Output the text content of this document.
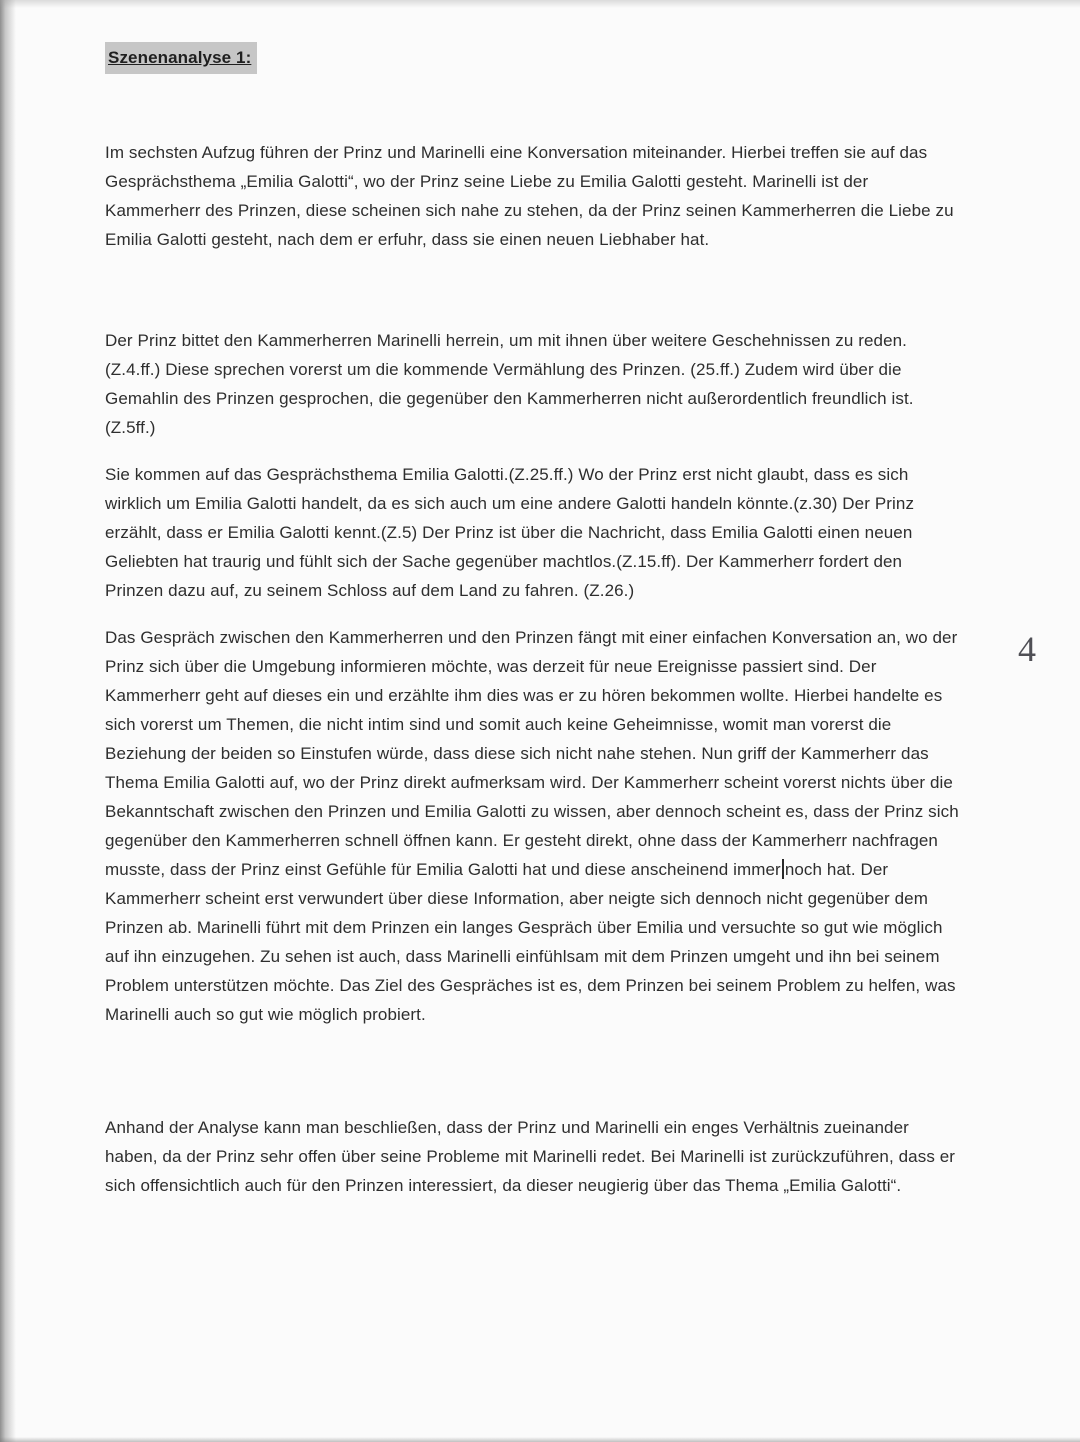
Szenenanalyse 1:

Im sechsten Aufzug führen der Prinz und Marinelli eine Konversation miteinander. Hierbei treffen sie auf das Gesprächsthema „Emilia Galotti“, wo der Prinz seine Liebe zu Emilia Galotti gesteht. Marinelli ist der Kammerherr des Prinzen, diese scheinen sich nahe zu stehen, da der Prinz seinen Kammerherren die Liebe zu Emilia Galotti gesteht, nach dem er erfuhr, dass sie einen neuen Liebhaber hat.

Der Prinz bittet den Kammerherren Marinelli herrein, um mit ihnen über weitere Geschehnissen zu reden.(Z.4.ff.) Diese sprechen vorerst um die kommende Vermählung des Prinzen. (25.ff.) Zudem wird über die Gemahlin des Prinzen gesprochen, die gegenüber den Kammerherren nicht außerordentlich freundlich ist. (Z.5ff.)

Sie kommen auf das Gesprächsthema Emilia Galotti.(Z.25.ff.) Wo der Prinz erst nicht glaubt, dass es sich wirklich um Emilia Galotti handelt, da es sich auch um eine andere Galotti handeln könnte.(z.30) Der Prinz erzählt, dass er Emilia Galotti kennt.(Z.5) Der Prinz ist über die Nachricht, dass Emilia Galotti einen neuen Geliebten hat traurig und fühlt sich der Sache gegenüber machtlos.(Z.15.ff). Der Kammerherr fordert den Prinzen dazu auf, zu seinem Schloss auf dem Land zu fahren. (Z.26.)

Das Gespräch zwischen den Kammerherren und den Prinzen fängt mit einer einfachen Konversation an, wo der Prinz sich über die Umgebung informieren möchte, was derzeit für neue Ereignisse passiert sind. Der Kammerherr geht auf dieses ein und erzählte ihm dies was er zu hören bekommen wollte. Hierbei handelte es sich vorerst um Themen, die nicht intim sind und somit auch keine Geheimnisse, womit man vorerst die Beziehung der beiden so Einstufen würde, dass diese sich nicht nahe stehen. Nun griff der Kammerherr das Thema Emilia Galotti auf, wo der Prinz direkt aufmerksam wird. Der Kammerherr scheint vorerst nichts über die Bekanntschaft zwischen den Prinzen und Emilia Galotti zu wissen, aber dennoch scheint es, dass der Prinz sich gegenüber den Kammerherren schnell öffnen kann. Er gesteht direkt, ohne dass der Kammerherr nachfragen musste, dass der Prinz einst Gefühle für Emilia Galotti hat und diese anscheinend immer noch hat. Der Kammerherr scheint erst verwundert über diese Information, aber neigte sich dennoch nicht gegenüber dem Prinzen ab. Marinelli führt mit dem Prinzen ein langes Gespräch über Emilia und versuchte so gut wie möglich auf ihn einzugehen. Zu sehen ist auch, dass Marinelli einfühlsam mit dem Prinzen umgeht und ihn bei seinem Problem unterstützen möchte. Das Ziel des Gespräches ist es, dem Prinzen bei seinem Problem zu helfen, was Marinelli auch so gut wie möglich probiert.

Anhand der Analyse kann man beschließen, dass der Prinz und Marinelli ein enges Verhältnis zueinander haben, da der Prinz sehr offen über seine Probleme mit Marinelli redet. Bei Marinelli ist zurückzuführen, dass er sich offensichtlich auch für den Prinzen interessiert, da dieser neugierig über das Thema „Emilia Galotti“.

4
